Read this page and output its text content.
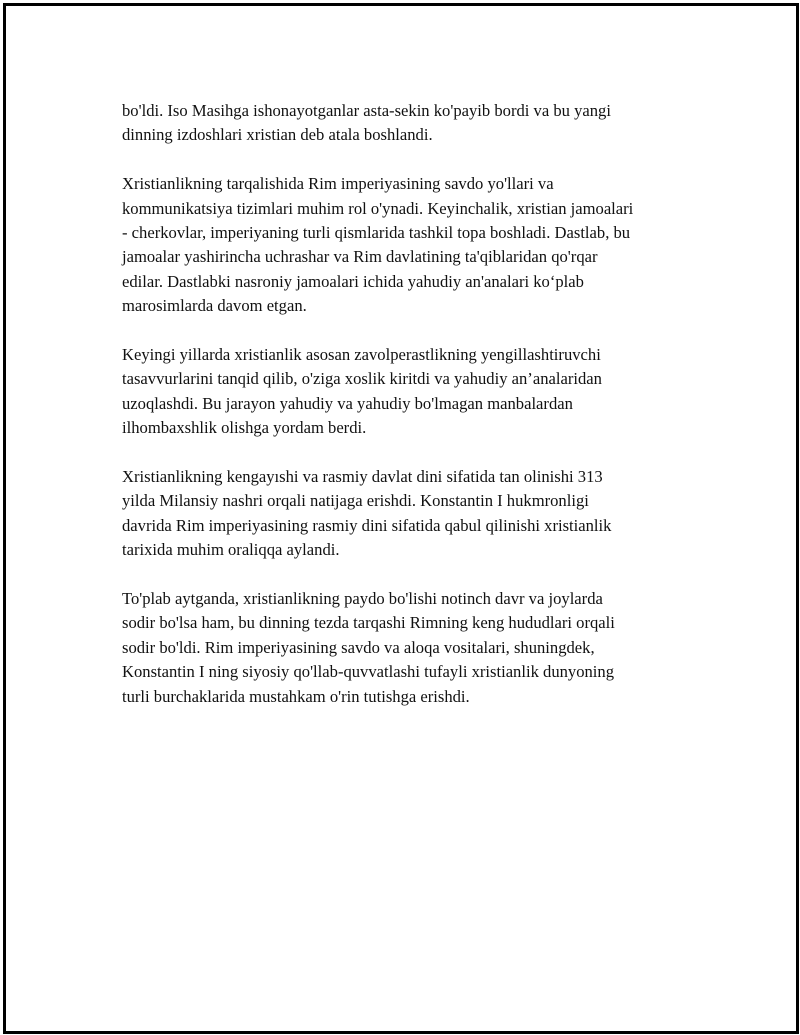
bo'ldi. Iso Masihga ishonayotganlar asta-sekin ko'payib bordi va bu yangi
dinning izdoshlari xristian deb atala boshlandi.

Xristianlikning tarqalishida Rim imperiyasining savdo yo'llari va
kommunikatsiya tizimlari muhim rol o'ynadi. Keyinchalik, xristian jamoalari
- cherkovlar, imperiyaning turli qismlarida tashkil topa boshladi. Dastlab, bu
jamoalar yashirincha uchrashar va Rim davlatining ta'qiblaridan qo'rqar
edilar. Dastlabki nasroniy jamoalari ichida yahudiy an'analari ko‘plab
marosimlarda davom etgan.

Keyingi yillarda xristianlik asosan zavolperastlikning yengillashtiruvchi
tasavvurlarini tanqid qilib, o'ziga xoslik kiritdi va yahudiy an’analaridan
uzoqlashdi. Bu jarayon yahudiy va yahudiy bo'lmagan manbalardan
ilhombaxshlik olishga yordam berdi.

Xristianlikning kengayıshi va rasmiy davlat dini sifatida tan olinishi 313
yilda Milansiy nashri orqali natijaga erishdi. Konstantin I hukmronligi
davrida Rim imperiyasining rasmiy dini sifatida qabul qilinishi xristianlik
tarixida muhim oraliqqa aylandi.

To'plab aytganda, xristianlikning paydo bo'lishi notinch davr va joylarda
sodir bo'lsa ham, bu dinning tezda tarqashi Rimning keng hududlari orqali
sodir bo'ldi. Rim imperiyasining savdo va aloqa vositalari, shuningdek,
Konstantin I ning siyosiy qo'llab-quvvatlashi tufayli xristianlik dunyoning
turli burchaklarida mustahkam o'rin tutishga erishdi.
